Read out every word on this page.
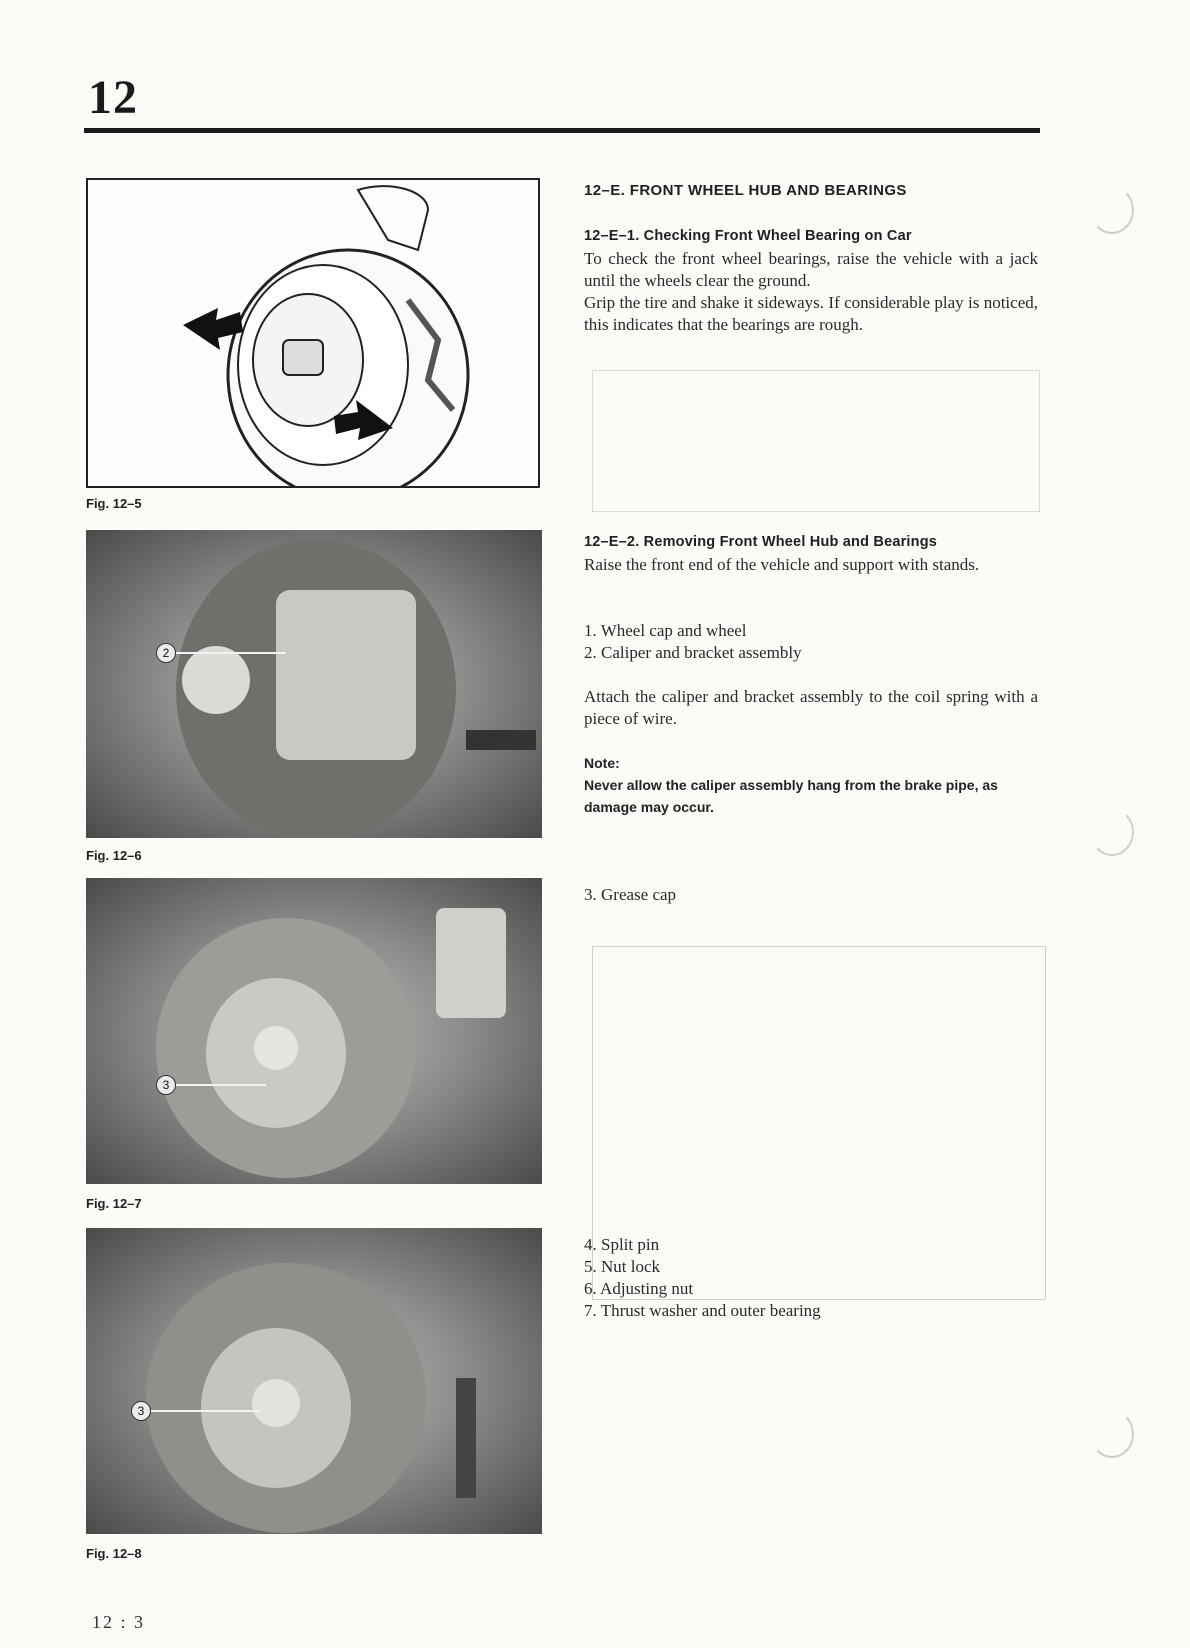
12
Fig. 12–5
2
Fig. 12–6
3
Fig. 12–7
3
Fig. 12–8
12–E. FRONT WHEEL HUB AND BEARINGS
12–E–1. Checking Front Wheel Bearing on Car

To check the front wheel bearings, raise the vehicle with a jack until the wheels clear the ground.

Grip the tire and shake it sideways. If considerable play is noticed, this indicates that the bearings are rough.

12–E–2. Removing Front Wheel Hub and Bearings

Raise the front end of the vehicle and support with stands.

1. Wheel cap and wheel
2. Caliper and bracket assembly

Attach the caliper and bracket assembly to the coil spring with a piece of wire.

Note:
Never allow the caliper assembly hang from the brake pipe, as damage may occur.
3. Grease cap
4. Split pin
5. Nut lock
6. Adjusting nut
7. Thrust washer and outer bearing
12 : 3
